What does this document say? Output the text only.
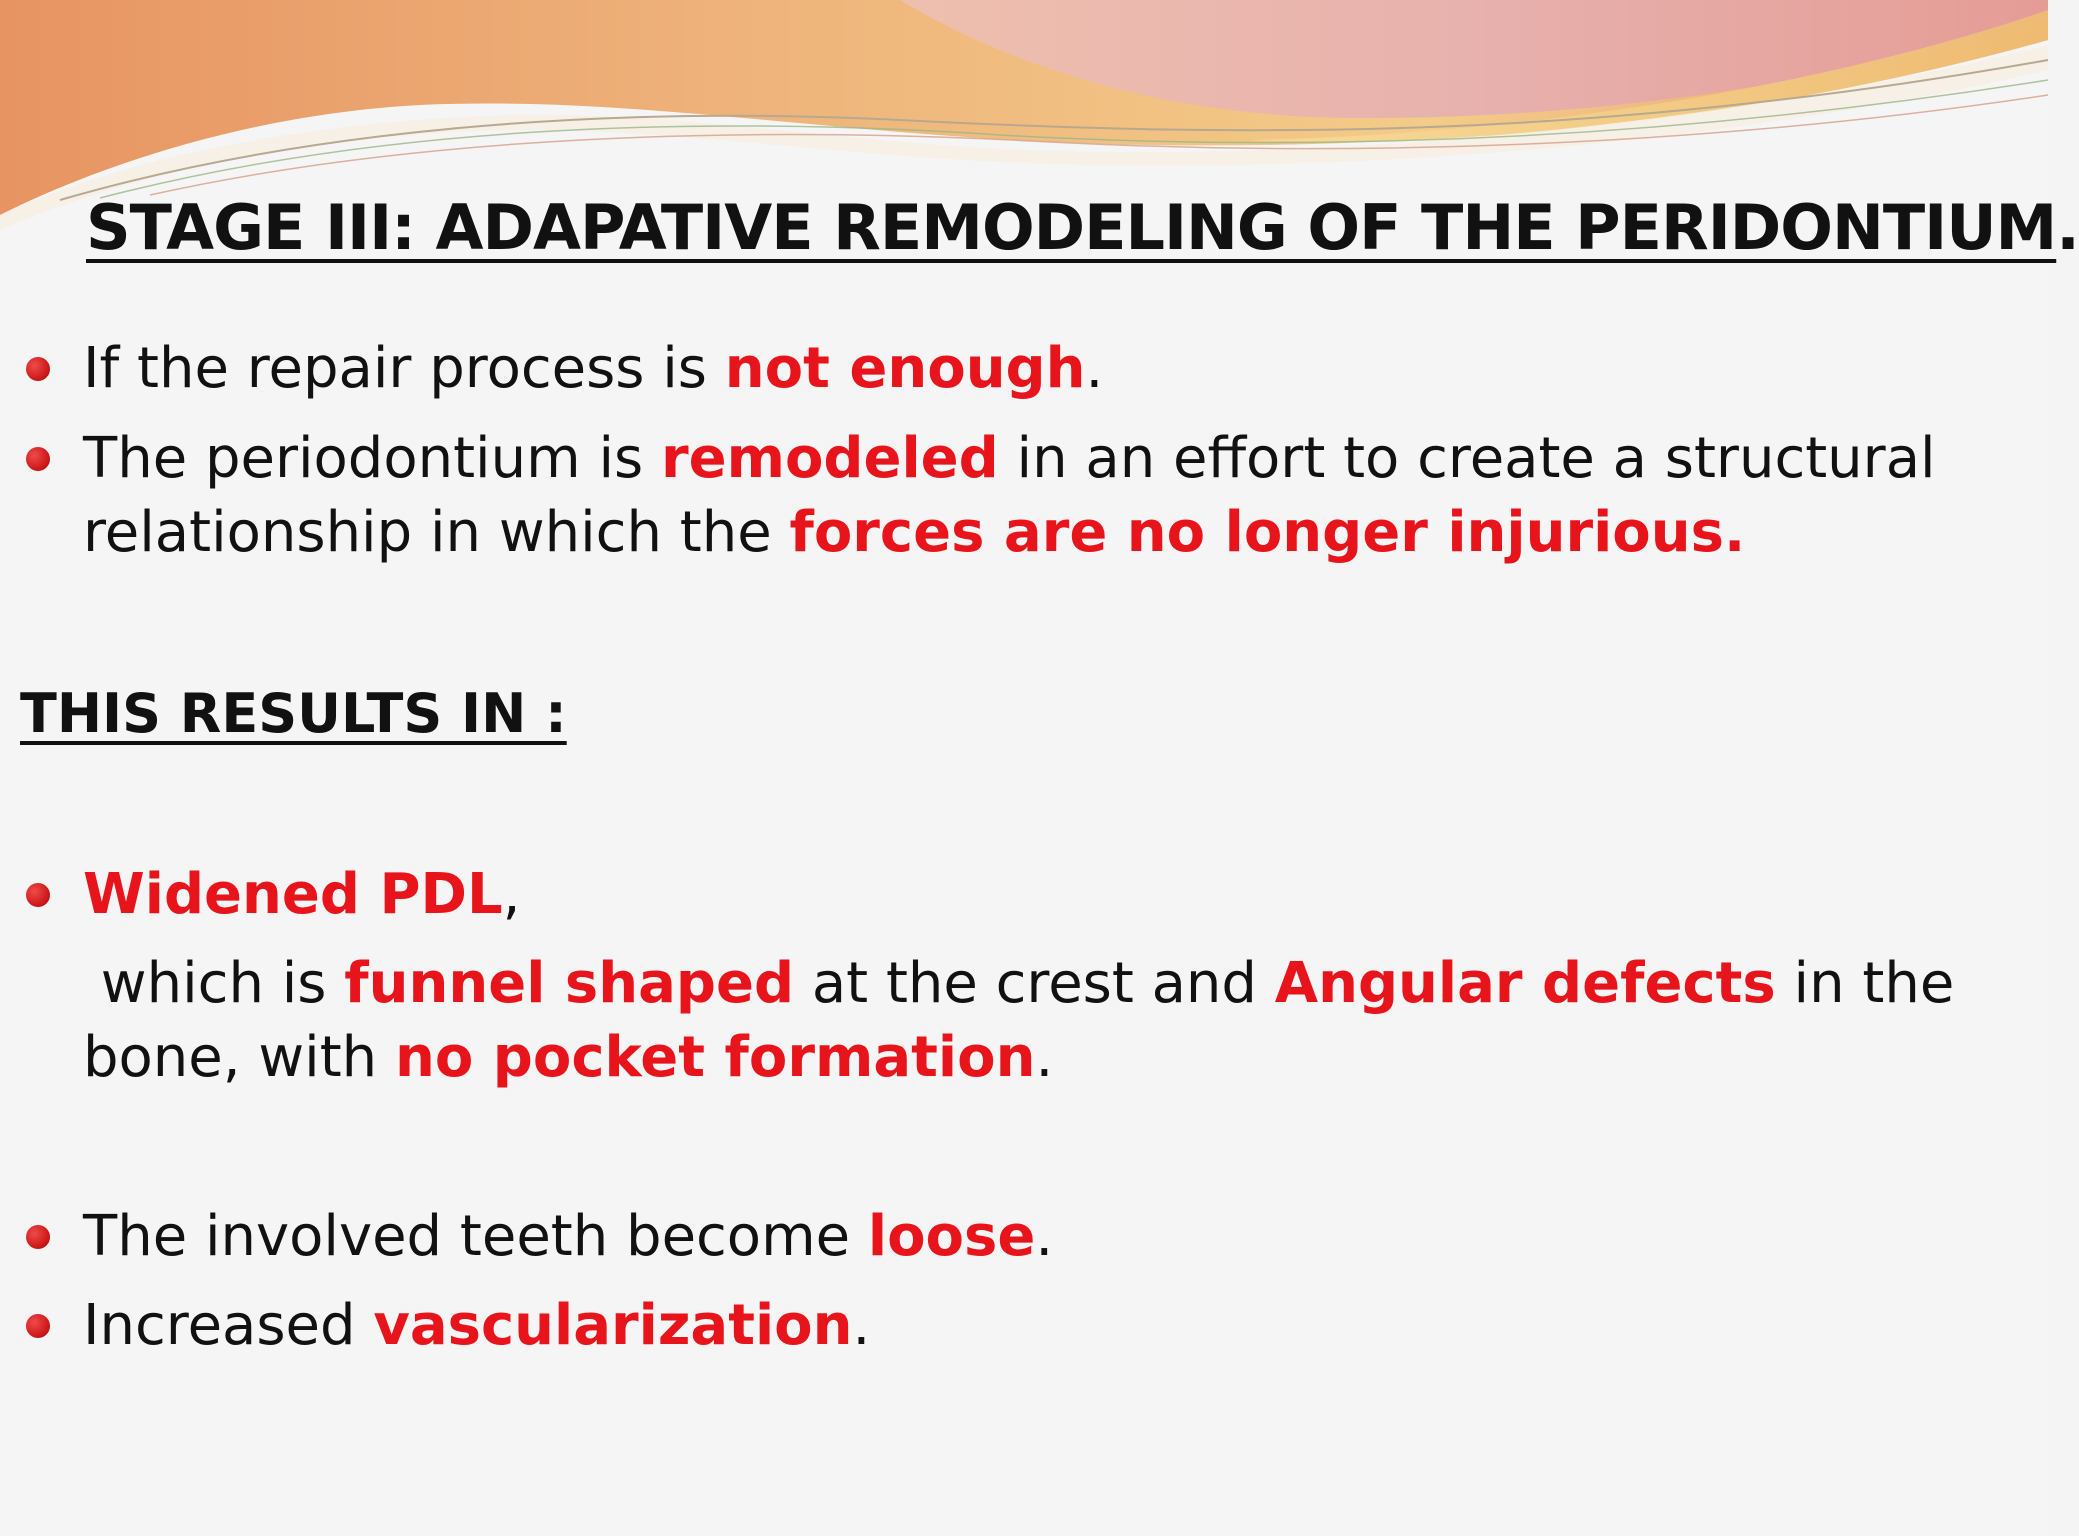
STAGE III: ADAPATIVE REMODELING OF THE PERIDONTIUM.
If the repair process is not enough.
The periodontium is remodeled in an effort to create a structural
relationship in which the forces are no longer injurious.
THIS RESULTS IN :
Widened PDL,
which is funnel shaped at the crest and Angular defects in the
bone, with no pocket formation.
The involved teeth become loose.
Increased vascularization.
